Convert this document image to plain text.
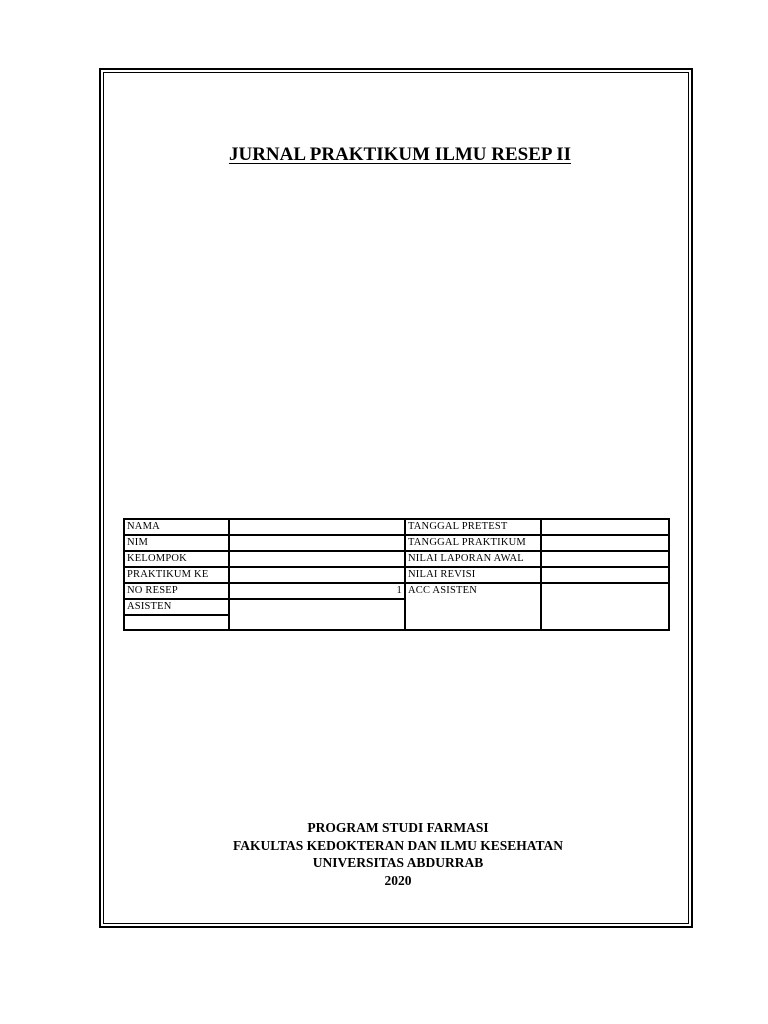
JURNAL PRAKTIKUM ILMU RESEP II
NAMA		TANGGAL PRETEST	
NIM		TANGGAL PRAKTIKUM	
KELOMPOK		NILAI LAPORAN AWAL	
PRAKTIKUM KE		NILAI REVISI	
NO RESEP	1	ACC ASISTEN	
ASISTEN			

PROGRAM STUDI FARMASI
FAKULTAS KEDOKTERAN DAN ILMU KESEHATAN
UNIVERSITAS ABDURRAB
2020
